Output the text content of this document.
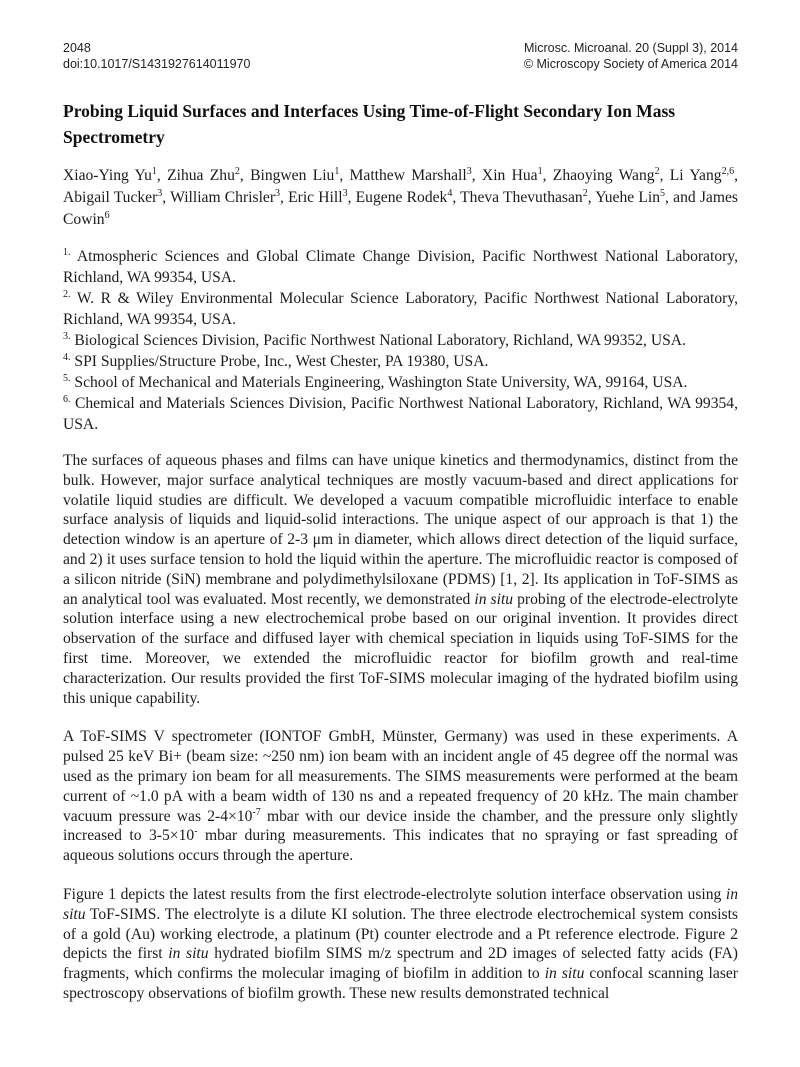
2048
doi:10.1017/S1431927614011970
Microsc. Microanal. 20 (Suppl 3), 2014
© Microscopy Society of America 2014
Probing Liquid Surfaces and Interfaces Using Time-of-Flight Secondary Ion Mass Spectrometry

Xiao-Ying Yu$^1$, Zihua Zhu$^2$, Bingwen Liu$^1$, Matthew Marshall$^3$, Xin Hua$^1$, Zhaoying Wang$^2$, Li Yang$^{2,6}$, Abigail Tucker$^3$, William Chrisler$^3$, Eric Hill$^3$, Eugene Rodek$^4$, Theva Thevuthasan$^2$, Yuehe Lin$^5$, and James Cowin$^6$

$^{1.}$ Atmospheric Sciences and Global Climate Change Division, Pacific Northwest National Laboratory, Richland, WA 99354, USA.

$^{2.}$ W. R & Wiley Environmental Molecular Science Laboratory, Pacific Northwest National Laboratory, Richland, WA 99354, USA.

$^{3.}$ Biological Sciences Division, Pacific Northwest National Laboratory, Richland, WA 99352, USA.

$^{4.}$ SPI Supplies/Structure Probe, Inc., West Chester, PA 19380, USA.

$^{5.}$ School of Mechanical and Materials Engineering, Washington State University, WA, 99164, USA.

$^{6.}$ Chemical and Materials Sciences Division, Pacific Northwest National Laboratory, Richland, WA 99354, USA.

The surfaces of aqueous phases and films can have unique kinetics and thermodynamics, distinct from the bulk. However, major surface analytical techniques are mostly vacuum-based and direct applications for volatile liquid studies are difficult. We developed a vacuum compatible microfluidic interface to enable surface analysis of liquids and liquid-solid interactions. The unique aspect of our approach is that 1) the detection window is an aperture of 2-3 μm in diameter, which allows direct detection of the liquid surface, and 2) it uses surface tension to hold the liquid within the aperture. The microfluidic reactor is composed of a silicon nitride (SiN) membrane and polydimethylsiloxane (PDMS) [1, 2]. Its application in ToF-SIMS as an analytical tool was evaluated. Most recently, we demonstrated in situ probing of the electrode-electrolyte solution interface using a new electrochemical probe based on our original invention. It provides direct observation of the surface and diffused layer with chemical speciation in liquids using ToF-SIMS for the first time. Moreover, we extended the microfluidic reactor for biofilm growth and real-time characterization. Our results provided the first ToF-SIMS molecular imaging of the hydrated biofilm using this unique capability.

A ToF-SIMS V spectrometer (IONTOF GmbH, Münster, Germany) was used in these experiments. A pulsed 25 keV Bi+ (beam size: ~250 nm) ion beam with an incident angle of 45 degree off the normal was used as the primary ion beam for all measurements. The SIMS measurements were performed at the beam current of ~1.0 pA with a beam width of 130 ns and a repeated frequency of 20 kHz. The main chamber vacuum pressure was $2-4\times 10^{-7}$ mbar with our device inside the chamber, and the pressure only slightly increased to 3-5×10- mbar during measurements. This indicates that no spraying or fast spreading of aqueous solutions occurs through the aperture.

Figure 1 depicts the latest results from the first electrode-electrolyte solution interface observation using in situ ToF-SIMS. The electrolyte is a dilute KI solution. The three electrode electrochemical system consists of a gold (Au) working electrode, a platinum (Pt) counter electrode and a Pt reference electrode. Figure 2 depicts the first in situ hydrated biofilm SIMS m/z spectrum and 2D images of selected fatty acids (FA) fragments, which confirms the molecular imaging of biofilm in addition to in situ confocal scanning laser spectroscopy observations of biofilm growth. These new results demonstrated technical
